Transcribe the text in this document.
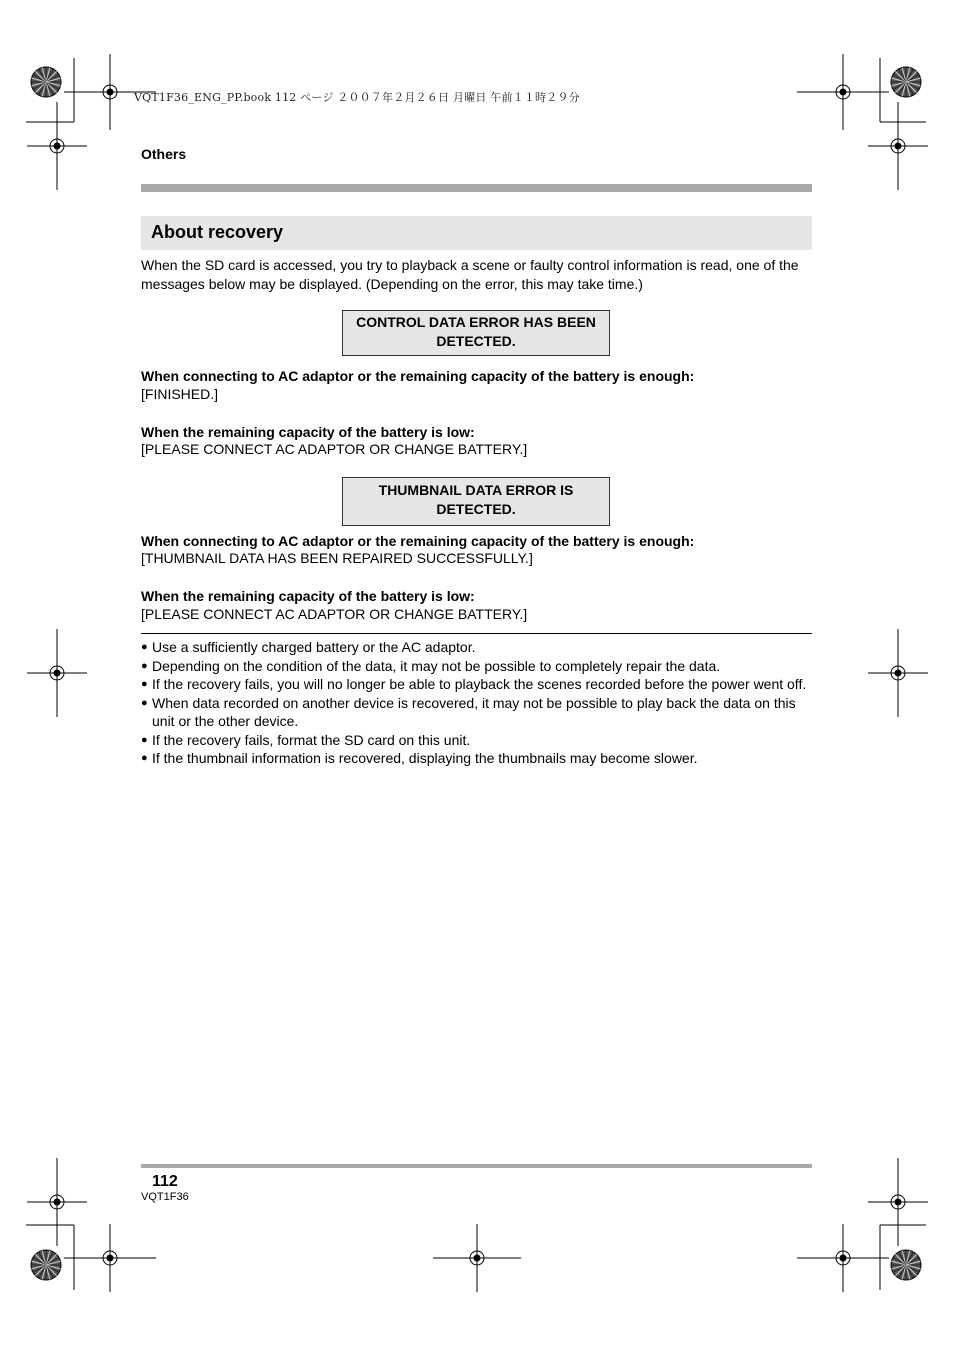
VQT1F36_ENG_PP.book 112 ページ ２００７年２月２６日 月曜日 午前１１時２９分
Others
About recovery
When the SD card is accessed, you try to playback a scene or faulty control information is read, one of the messages below may be displayed. (Depending on the error, this may take time.)
CONTROL DATA ERROR HAS BEEN DETECTED.
When connecting to AC adaptor or the remaining capacity of the battery is enough:
[FINISHED.]
When the remaining capacity of the battery is low:
[PLEASE CONNECT AC ADAPTOR OR CHANGE BATTERY.]
THUMBNAIL DATA ERROR IS DETECTED.
When connecting to AC adaptor or the remaining capacity of the battery is enough:
[THUMBNAIL DATA HAS BEEN REPAIRED SUCCESSFULLY.]
When the remaining capacity of the battery is low:
[PLEASE CONNECT AC ADAPTOR OR CHANGE BATTERY.]
● Use a sufficiently charged battery or the AC adaptor.
● Depending on the condition of the data, it may not be possible to completely repair the data.
● If the recovery fails, you will no longer be able to playback the scenes recorded before the power went off.
● When data recorded on another device is recovered, it may not be possible to play back the data on this unit or the other device.
● If the recovery fails, format the SD card on this unit.
● If the thumbnail information is recovered, displaying the thumbnails may become slower.
112
VQT1F36
